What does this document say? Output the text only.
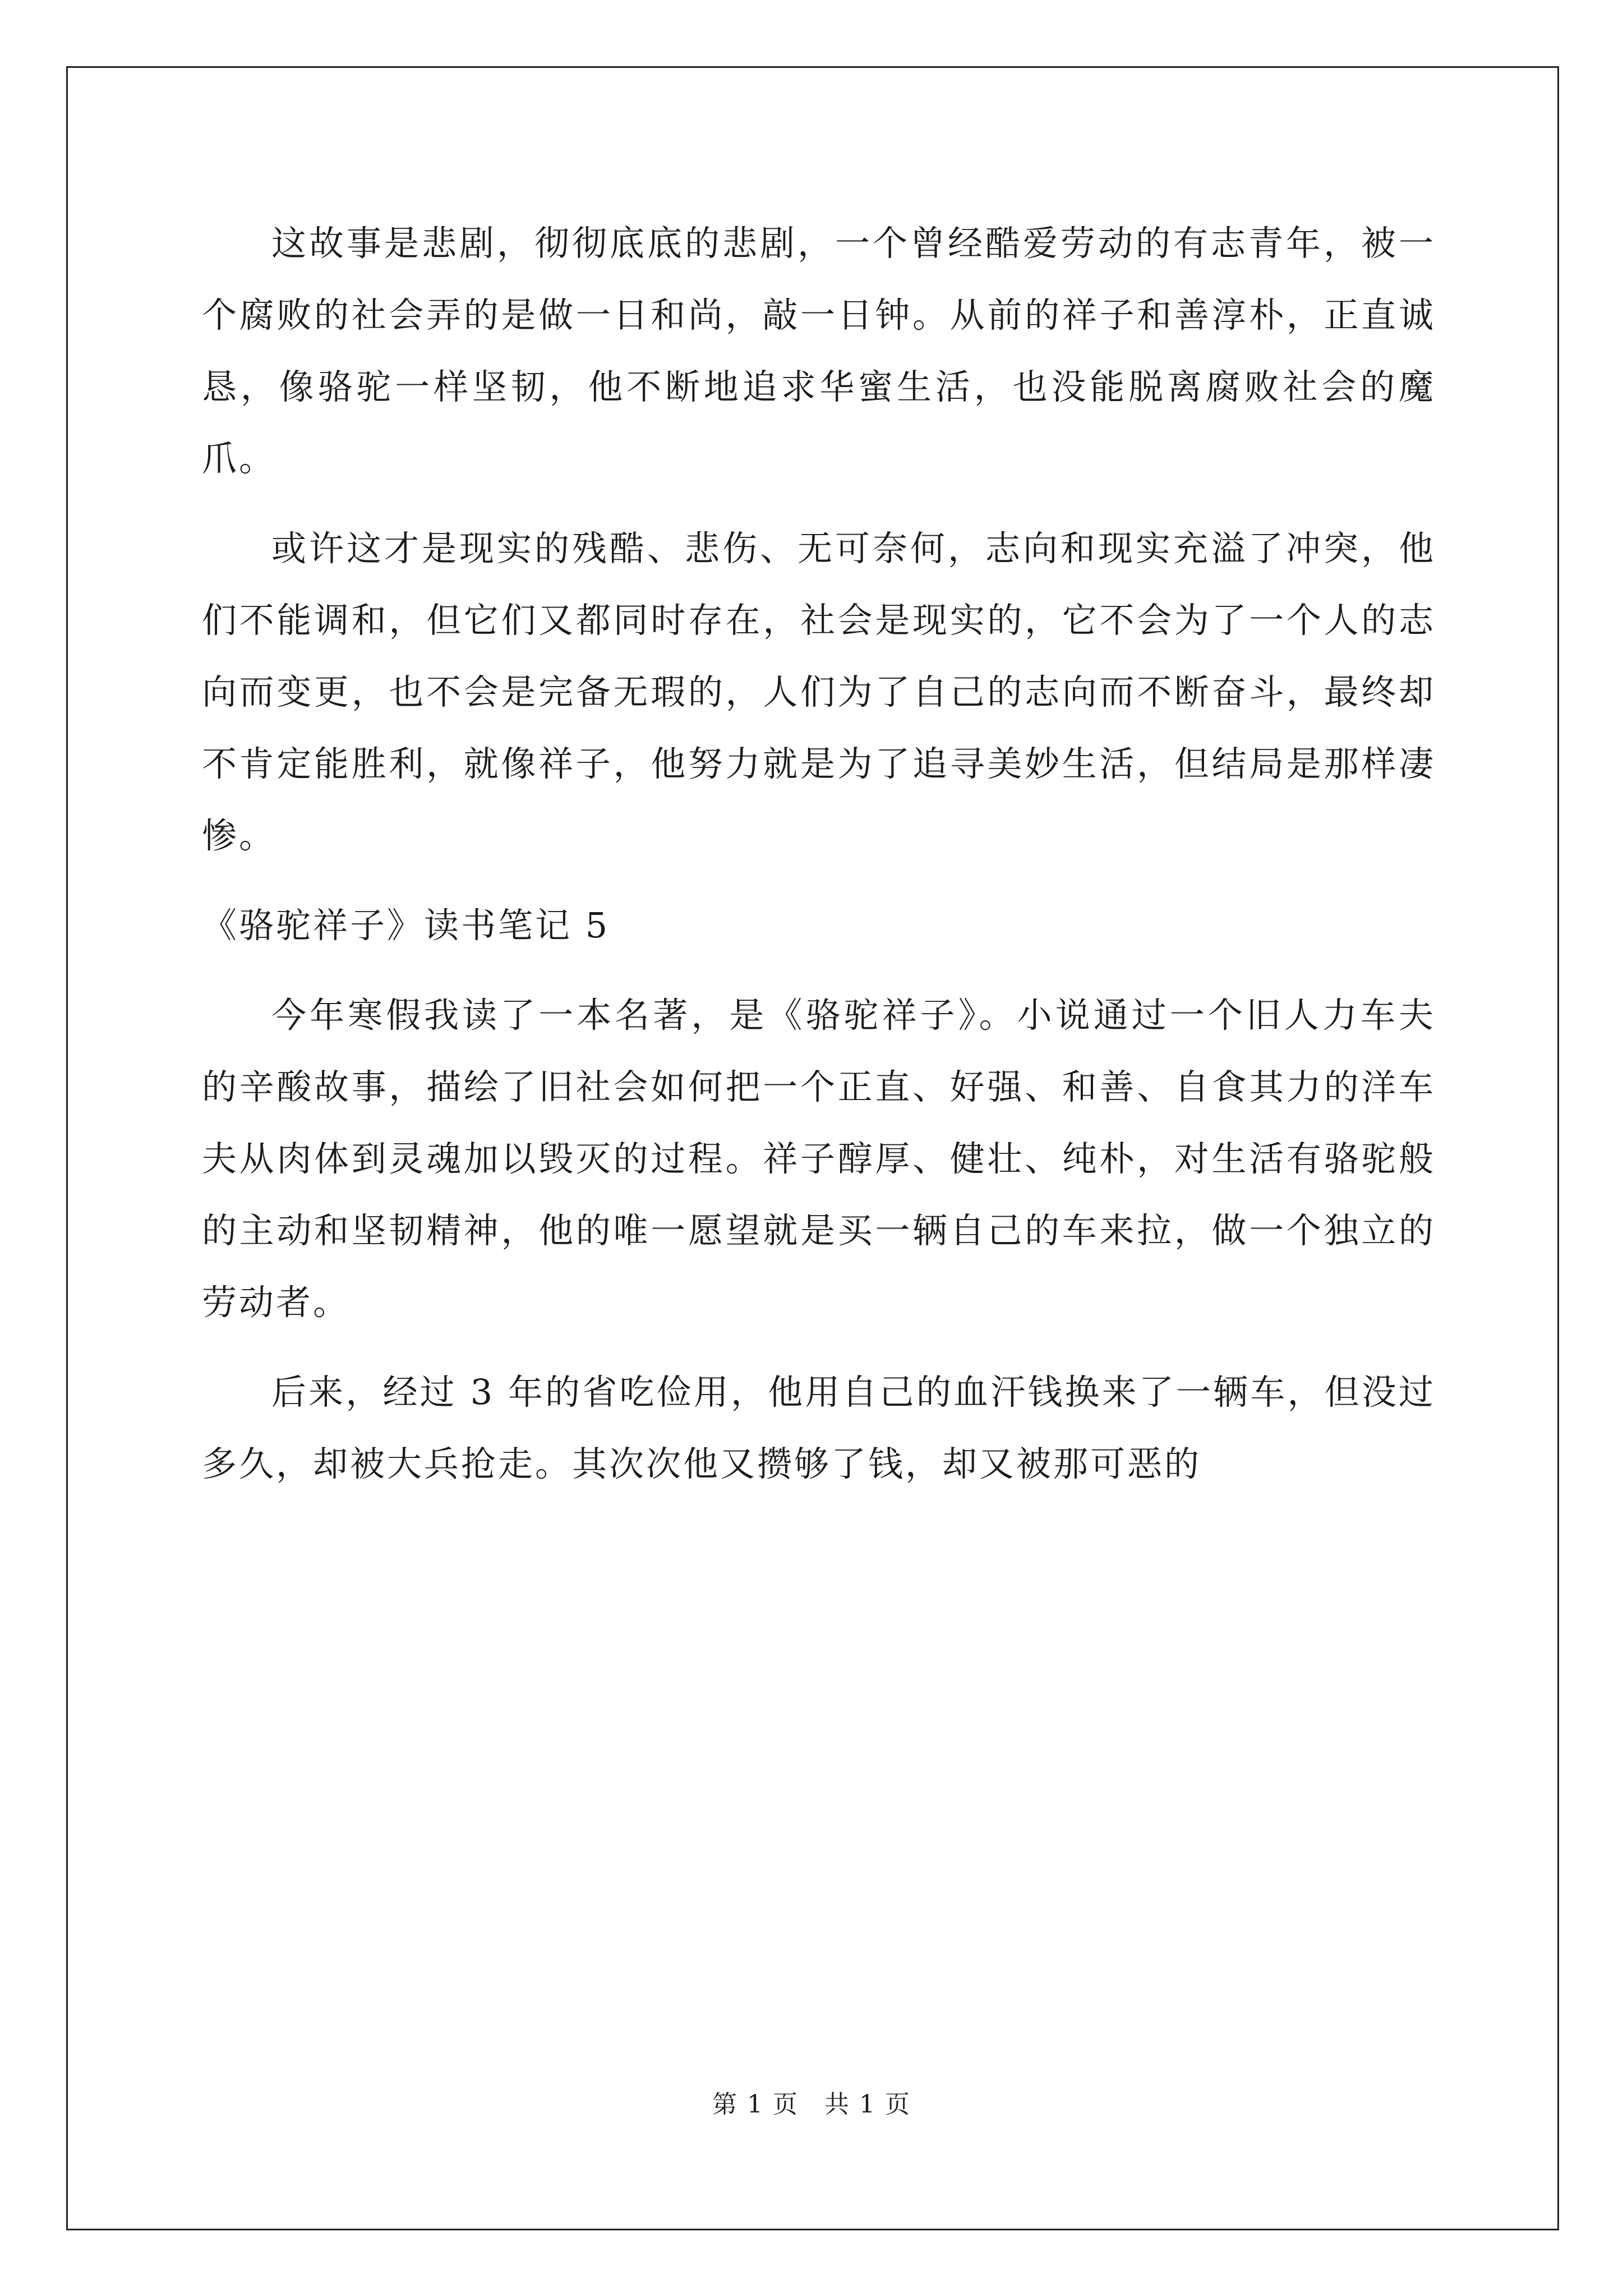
这故事是悲剧，彻彻底底的悲剧，一个曾经酷爱劳动的有志青年，被一个腐败的社会弄的是做一日和尚，敲一日钟。从前的祥子和善淳朴，正直诚恳，像骆驼一样坚韧，他不断地追求华蜜生活，也没能脱离腐败社会的魔爪。

或许这才是现实的残酷、悲伤、无可奈何，志向和现实充溢了冲突，他们不能调和，但它们又都同时存在，社会是现实的，它不会为了一个人的志向而变更，也不会是完备无瑕的，人们为了自己的志向而不断奋斗，最终却不肯定能胜利，就像祥子，他努力就是为了追寻美妙生活，但结局是那样凄惨。

《骆驼祥子》读书笔记 5

今年寒假我读了一本名著，是《骆驼祥子》。小说通过一个旧人力车夫的辛酸故事，描绘了旧社会如何把一个正直、好强、和善、自食其力的洋车夫从肉体到灵魂加以毁灭的过程。祥子醇厚、健壮、纯朴，对生活有骆驼般的主动和坚韧精神，他的唯一愿望就是买一辆自己的车来拉，做一个独立的劳动者。

后来，经过 3 年的省吃俭用，他用自己的血汗钱换来了一辆车，但没过多久，却被大兵抢走。其次次他又攒够了钱，却又被那可恶的

第 1 页　共 1 页
